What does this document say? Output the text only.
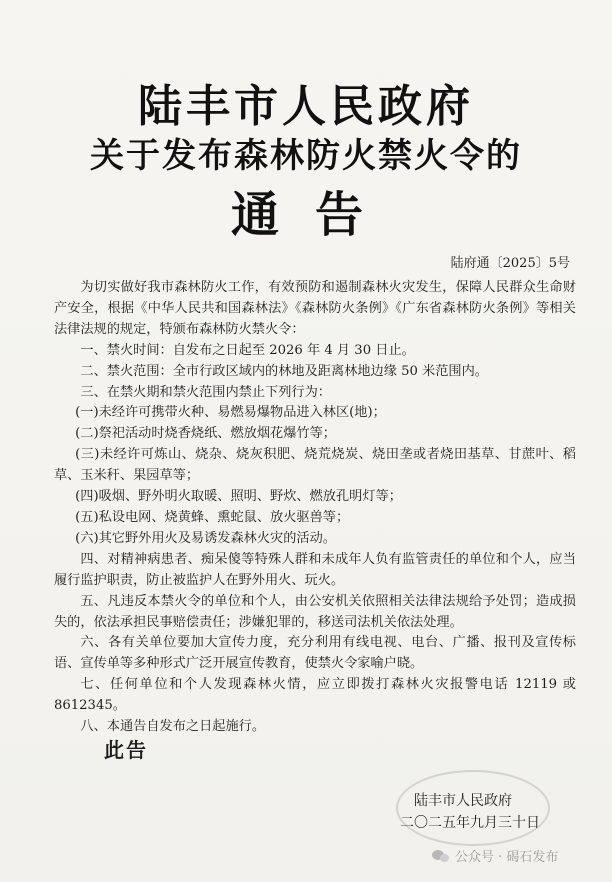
陆丰市人民政府
关于发布森林防火禁火令的
通告
陆府通〔2025〕5号

为切实做好我市森林防火工作，有效预防和遏制森林火灾发生，保障人民群众生命财产安全，根据《中华人民共和国森林法》《森林防火条例》《广东省森林防火条例》等相关法律法规的规定，特颁布森林防火禁火令：

一、禁火时间：自发布之日起至 2026 年 4 月 30 日止。

二、禁火范围：全市行政区域内的林地及距离林地边缘 50 米范围内。

三、在禁火期和禁火范围内禁止下列行为：

(一)未经许可携带火种、易燃易爆物品进入林区(地)；

(二)祭祀活动时烧香烧纸、燃放烟花爆竹等；

(三)未经许可炼山、烧杂、烧灰积肥、烧荒烧炭、烧田垄或者烧田基草、甘蔗叶、稻草、玉米秆、果园草等；

(四)吸烟、野外明火取暖、照明、野炊、燃放孔明灯等；

(五)私设电网、烧黄蜂、熏蛇鼠、放火驱兽等；

(六)其它野外用火及易诱发森林火灾的活动。

四、对精神病患者、痴呆傻等特殊人群和未成年人负有监管责任的单位和个人，应当履行监护职责，防止被监护人在野外用火、玩火。

五、凡违反本禁火令的单位和个人，由公安机关依照相关法律法规给予处罚；造成损失的，依法承担民事赔偿责任；涉嫌犯罪的，移送司法机关依法处理。

六、各有关单位要加大宣传力度，充分利用有线电视、电台、广播、报刊及宣传标语、宣传单等多种形式广泛开展宣传教育，使禁火令家喻户晓。

七、任何单位和个人发现森林火情，应立即拨打森林火灾报警电话 12119 或 8612345。

八、本通告自发布之日起施行。

此告
陆丰市人民政府
二〇二五年九月三十日
公众号 · 碣石发布
